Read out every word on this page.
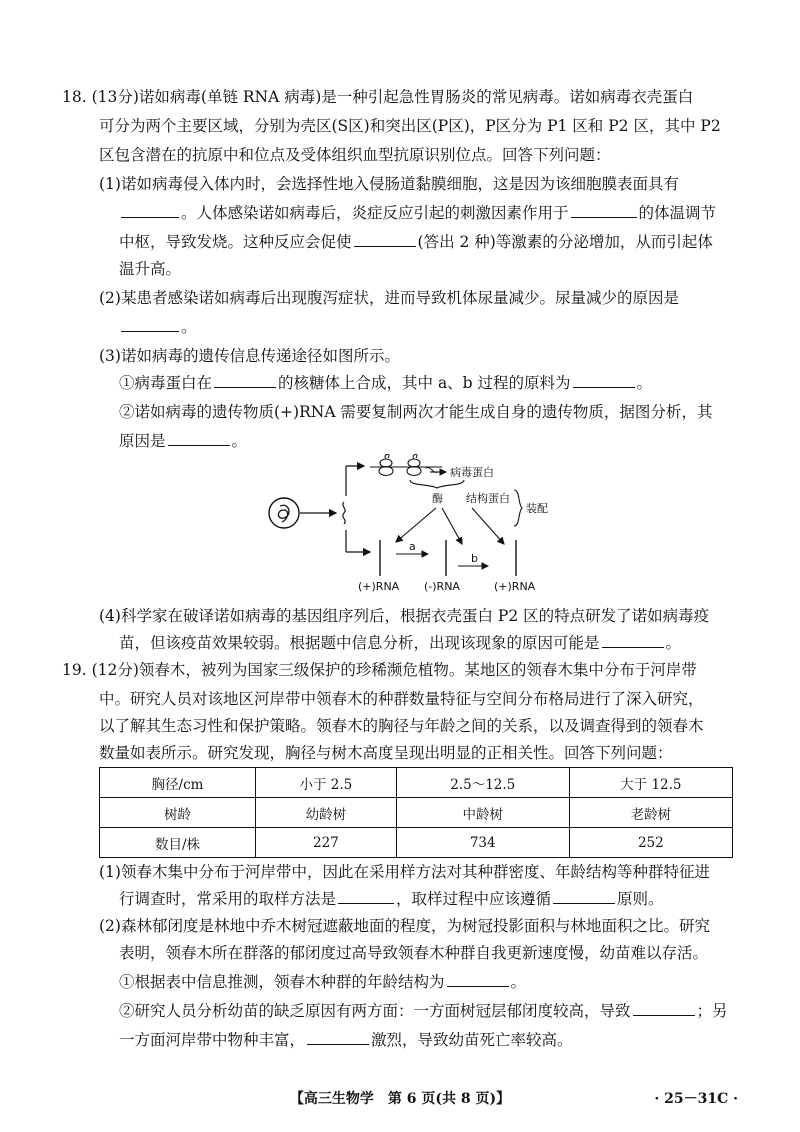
18. (13分)诺如病毒(单链 RNA 病毒)是一种引起急性胃肠炎的常见病毒。诺如病毒衣壳蛋白
可分为两个主要区域，分别为壳区(S区)和突出区(P区)，P区分为 P1 区和 P2 区，其中 P2
区包含潜在的抗原中和位点及受体组织血型抗原识别位点。回答下列问题：
(1)诺如病毒侵入体内时，会选择性地入侵肠道黏膜细胞，这是因为该细胞膜表面具有
。人体感染诺如病毒后，炎症反应引起的刺激因素作用于	的体温调节
中枢，导致发烧。这种反应会促使	(答出 2 种)等激素的分泌增加，从而引起体
温升高。
(2)某患者感染诺如病毒后出现腹泻症状，进而导致机体尿量减少。尿量减少的原因是
。
(3)诺如病毒的遗传信息传递途径如图所示。
①病毒蛋白在	的核糖体上合成，其中 a、b 过程的原料为	。
②诺如病毒的遗传物质(+)RNA 需要复制两次才能生成自身的遗传物质，据图分析，其
原因是	。
病毒蛋白
酶 结构蛋白
装配
a
b
(+)RNA (-)RNA	(+)RNA
(4)科学家在破译诺如病毒的基因组序列后，根据衣壳蛋白 P2 区的特点研发了诺如病毒疫
苗，但该疫苗效果较弱。根据题中信息分析，出现该现象的原因可能是	。
19. (12分)领春木，被列为国家三级保护的珍稀濒危植物。某地区的领春木集中分布于河岸带
中。研究人员对该地区河岸带中领春木的种群数量特征与空间分布格局进行了深入研究，
以了解其生态习性和保护策略。领春木的胸径与年龄之间的关系，以及调查得到的领春木
数量如表所示。研究发现，胸径与树木高度呈现出明显的正相关性。回答下列问题：
胸径/cm	小于 2.5	2.5～12.5	大于 12.5
树龄	幼龄树	中龄树	老龄树
数目/株	227	734	252
(1)领春木集中分布于河岸带中，因此在采用样方法对其种群密度、年龄结构等种群特征进
行调查时，常采用的取样方法是	，取样过程中应该遵循	原则。
(2)森林郁闭度是林地中乔木树冠遮蔽地面的程度，为树冠投影面积与林地面积之比。研究
表明，领春木所在群落的郁闭度过高导致领春木种群自我更新速度慢，幼苗难以存活。
①根据表中信息推测，领春木种群的年龄结构为	。
②研究人员分析幼苗的缺乏原因有两方面：一方面树冠层郁闭度较高，导致	；另
一方面河岸带中物种丰富，	激烈，导致幼苗死亡率较高。
【高三生物学　第 6 页(共 8 页)】	· 25－31C ·
